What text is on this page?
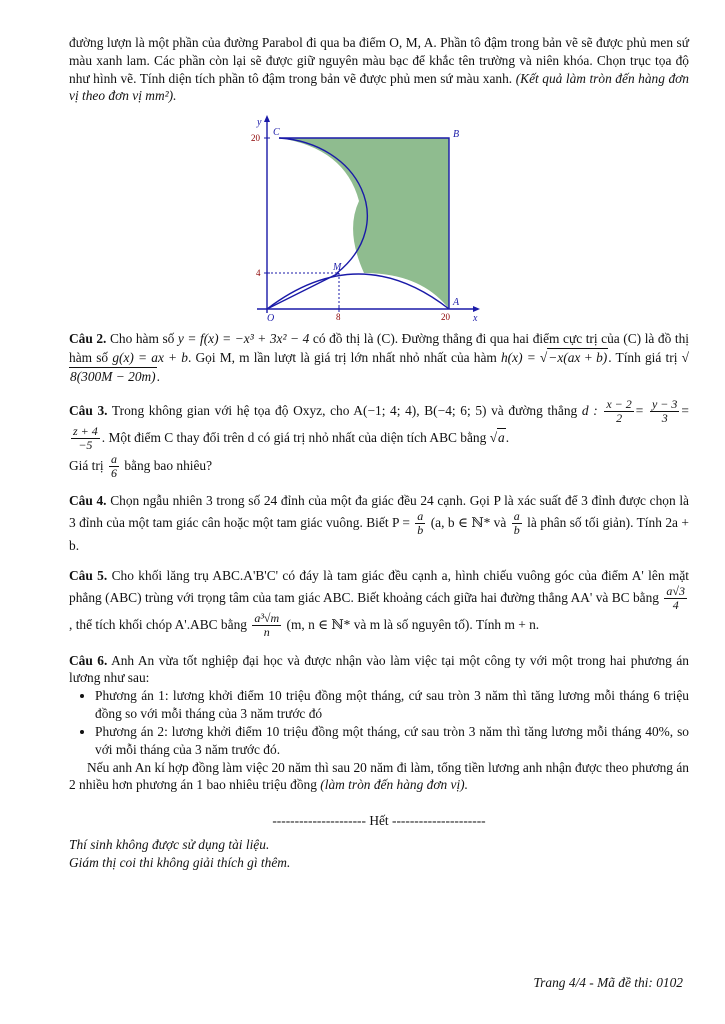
đường lượn là một phần của đường Parabol đi qua ba điểm O, M, A. Phần tô đậm trong bản vẽ sẽ được phủ men sứ màu xanh lam. Các phần còn lại sẽ được giữ nguyên màu bạc để khắc tên trường và niên khóa. Chọn trục tọa độ như hình vẽ. Tính diện tích phần tô đậm trong bản vẽ được phủ men sứ màu xanh. (Kết quả làm tròn đến hàng đơn vị theo đơn vị mm²).

y
x
C	B
M
A
O
20
4
8	20

Câu 2. Cho hàm số y = f(x) = −x³ + 3x² − 4 có đồ thị là (C). Đường thẳng đi qua hai điểm cực trị của (C) là đồ thị hàm số g(x) = ax + b. Gọi M, m lần lượt là giá trị lớn nhất nhỏ nhất của hàm h(x) = √−x(ax + b). Tính giá trị √8(300M − 20m).

Câu 3. Trong không gian với hệ tọa độ Oxyz, cho A(−1; 4; 4), B(−4; 6; 5) và đường thẳng d : $\frac{x - 2}{2} = \frac{y - 3}{3}$ =
$\frac{z + 4}{-5}$ . Một điểm C thay đổi trên d có giá trị nhỏ nhất của diện tích ABC bằng √a.
Giá trị $\frac{a}{6}$ bằng bao nhiêu?

Câu 4. Chọn ngẫu nhiên 3 trong số 24 đỉnh của một đa giác đều 24 cạnh. Gọi P là xác suất để 3 đỉnh được chọn là 3 đỉnh của một tam giác cân hoặc một tam giác vuông. Biết $P = \frac{a}{b} (a$, b ∈ ℕ* và $\frac{a}{b}$ là phân số tối giản). Tính 2a + b.

Câu 5. Cho khối lăng trụ ABC.A'B'C' có đáy là tam giác đều cạnh a, hình chiếu vuông góc của điểm A' lên mặt phẳng (ABC) trùng với trọng tâm của tam giác ABC. Biết khoảng cách giữa hai đường thẳng AA' và BC bằng $\frac{a√3}{4}$
, thể tích khối chóp A'.ABC bằng $\frac{\text{a³√m}}{n} (m$, n ∈ ℕ* và m là số nguyên tố). Tính m + n.

Câu 6. Anh An vừa tốt nghiệp đại học và được nhận vào làm việc tại một công ty với một trong hai phương án lương như sau:

• Phương án 1: lương khởi điểm 10 triệu đồng một tháng, cứ sau tròn 3 năm thì tăng lương mỗi tháng 6 triệu đồng so với mỗi tháng của 3 năm trước đó
• Phương án 2: lương khởi điểm 10 triệu đồng một tháng, cứ sau tròn 3 năm thì tăng lương mỗi tháng 40%, so với mỗi tháng của 3 năm trước đó.

Nếu anh An kí hợp đồng làm việc 20 năm thì sau 20 năm đi làm, tổng tiền lương anh nhận được theo phương án 2 nhiều hơn phương án 1 bao nhiêu triệu đồng (làm tròn đến hàng đơn vị).

--------------------- Hết ---------------------

Thí sinh không được sử dụng tài liệu.

Giám thị coi thi không giải thích gì thêm.

Trang 4/4 - Mã đề thi: 0102
